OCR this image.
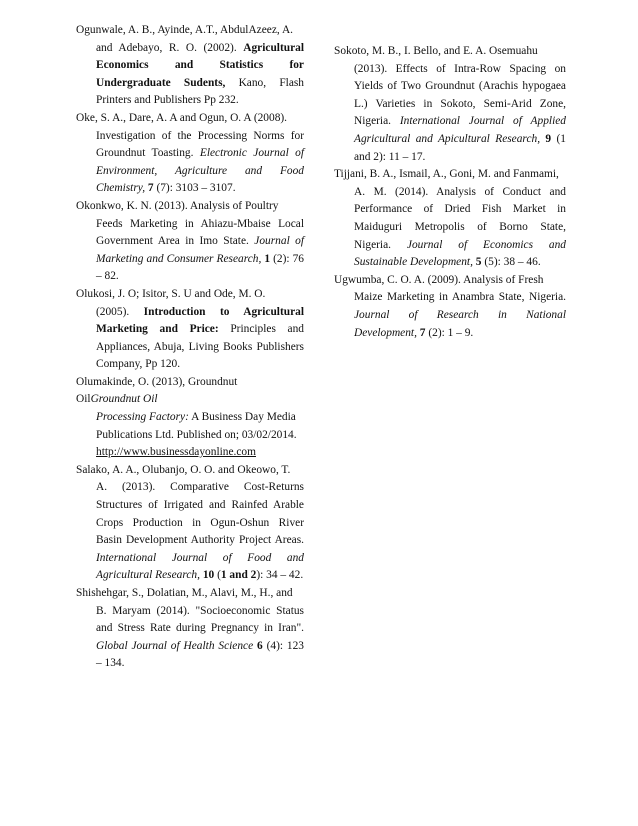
Ogunwale, A. B., Ayinde, A.T., AbdulAzeez, A.
and Adebayo, R. O. (2002). Agricultural Economics and Statistics for Undergraduate Sudents, Kano, Flash Printers and Publishers Pp 232.

Oke, S. A., Dare, A. A and Ogun, O. A (2008).
Investigation of the Processing Norms for Groundnut Toasting. Electronic Journal of Environment, Agriculture and Food Chemistry, 7 (7): 3103 – 3107.

Okonkwo, K. N. (2013). Analysis of Poultry
Feeds Marketing in Ahiazu-Mbaise Local Government Area in Imo State. Journal of Marketing and Consumer Research, 1 (2): 76 – 82.

Olukosi, J. O; Isitor, S. U and Ode, M. O.
(2005). Introduction to Agricultural Marketing and Price: Principles and Appliances, Abuja, Living Books Publishers Company, Pp 120.

Olumakinde, O. (2013), Groundnut OilGroundnut Oil
Processing Factory: A Business Day Media Publications Ltd. Published on; 03/02/2014. http://www.businessdayonline.com

Salako, A. A., Olubanjo, O. O. and Okeowo, T.
A. (2013). Comparative Cost-Returns Structures of Irrigated and Rainfed Arable Crops Production in Ogun-Oshun River Basin Development Authority Project Areas. International Journal of Food and Agricultural Research, 10 (1 and 2): 34 – 42.

Shishehgar, S., Dolatian, M., Alavi, M., H., and
B. Maryam (2014). "Socioeconomic Status and Stress Rate during Pregnancy in Iran". Global Journal of Health Science 6 (4): 123 – 134.

Sokoto, M. B., I. Bello, and E. A. Osemuahu
(2013). Effects of Intra-Row Spacing on Yields of Two Groundnut (Arachis hypogaea L.) Varieties in Sokoto, Semi-Arid Zone, Nigeria. International Journal of Applied Agricultural and Apicultural Research, 9 (1 and 2): 11 – 17.

Tijjani, B. A., Ismail, A., Goni, M. and Fanmami,
A. M. (2014). Analysis of Conduct and Performance of Dried Fish Market in Maiduguri Metropolis of Borno State, Nigeria. Journal of Economics and Sustainable Development, 5 (5): 38 – 46.

Ugwumba, C. O. A. (2009). Analysis of Fresh
Maize Marketing in Anambra State, Nigeria. Journal of Research in National Development, 7 (2): 1 – 9.
